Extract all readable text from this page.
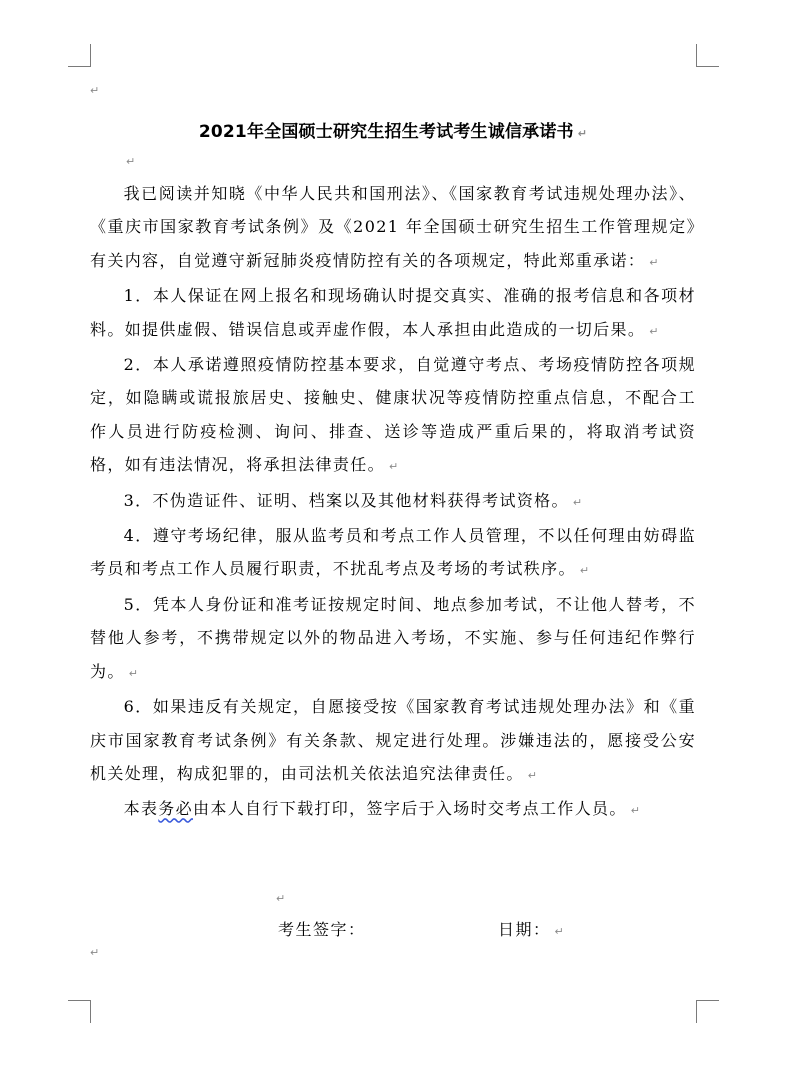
↵
↵
↵
↵
2021年全国硕士研究生招生考试考生诚信承诺书 ↵

我已阅读并知晓《中华人民共和国刑法》、《国家教育考试违规处理办法》、《重庆市国家教育考试条例》及《2021 年全国硕士研究生招生工作管理规定》有关内容，自觉遵守新冠肺炎疫情防控有关的各项规定，特此郑重承诺： ↵

1．本人保证在网上报名和现场确认时提交真实、准确的报考信息和各项材料。如提供虚假、错误信息或弄虚作假，本人承担由此造成的一切后果。 ↵

2．本人承诺遵照疫情防控基本要求，自觉遵守考点、考场疫情防控各项规定，如隐瞒或谎报旅居史、接触史、健康状况等疫情防控重点信息，不配合工作人员进行防疫检测、询问、排查、送诊等造成严重后果的，将取消考试资格，如有违法情况，将承担法律责任。 ↵

3．不伪造证件、证明、档案以及其他材料获得考试资格。 ↵

4．遵守考场纪律，服从监考员和考点工作人员管理，不以任何理由妨碍监考员和考点工作人员履行职责，不扰乱考点及考场的考试秩序。 ↵

5．凭本人身份证和准考证按规定时间、地点参加考试，不让他人替考，不替他人参考，不携带规定以外的物品进入考场，不实施、参与任何违纪作弊行为。 ↵

6．如果违反有关规定，自愿接受按《国家教育考试违规处理办法》和《重庆市国家教育考试条例》有关条款、规定进行处理。涉嫌违法的，愿接受公安机关处理，构成犯罪的，由司法机关依法追究法律责任。 ↵

本表务必由本人自行下载打印，签字后于入场时交考点工作人员。 ↵

考生签字：	日期： ↵
